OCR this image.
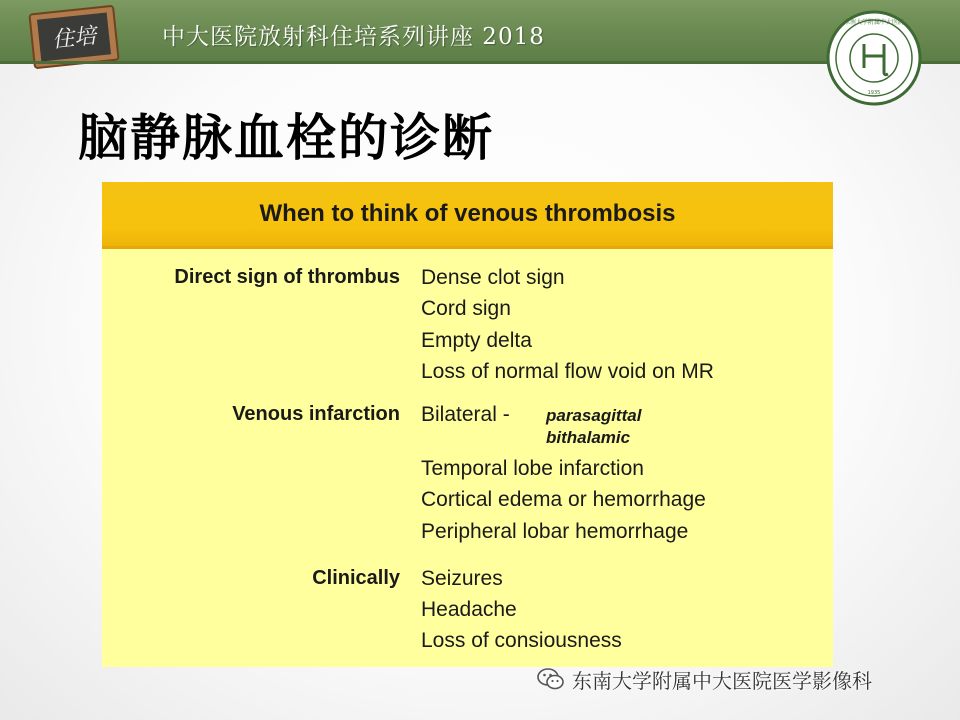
住培	中大医院放射科住培系列讲座 2018
东南大学附属中大医院
1935
脑静脉血栓的诊断
When to think of venous thrombosis
Direct sign of thrombus Dense clot sign
Cord sign
Empty delta
Loss of normal flow void on MR
Venous infarction Bilateral - parasagittal
bithalamic
Temporal lobe infarction
Cortical edema or hemorrhage
Peripheral lobar hemorrhage
Clinically Seizures
Headache
Loss of consiousness
东南大学附属中大医院医学影像科
